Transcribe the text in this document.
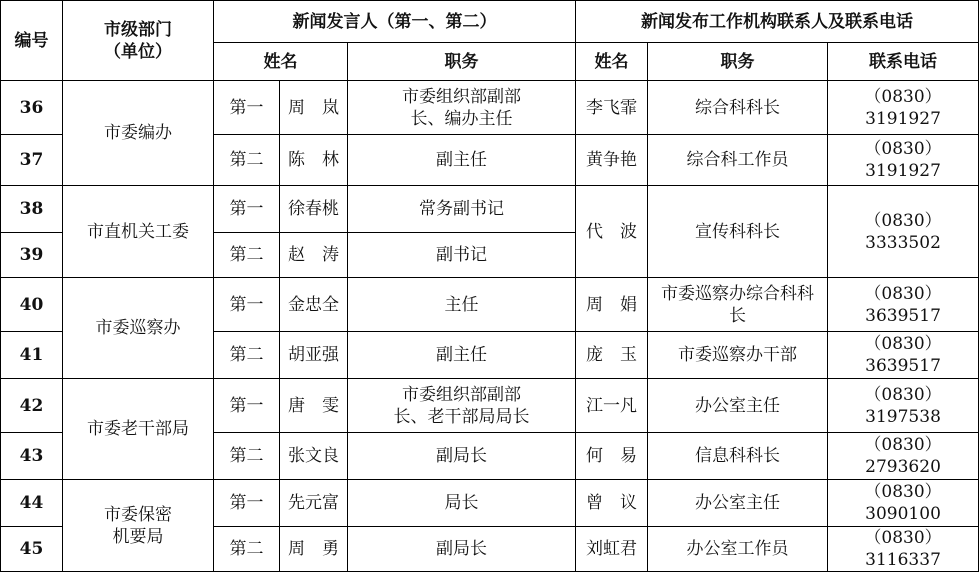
编号	市级部门（单位）	新闻发言人（第一、第二）			新闻发布工作机构联系人及联系电话		
		姓名		职务	姓名	职务	联系电话
36	市委编办	第一	周　岚	市委组织部副部长、编办主任	李飞霏	综合科科长	（0830）3191927
37		第二	陈　林	副主任	黄争艳	综合科工作员	（0830）3191927
38	市直机关工委	第一	徐春桃	常务副书记	代　波	宣传科科长	（0830）3333502
39		第二	赵　涛	副书记			
40	市委巡察办	第一	金忠全	主任	周　娟	市委巡察办综合科科长	（0830）3639517
41		第二	胡亚强	副主任	庞　玉	市委巡察办干部	（0830）3639517
42	市委老干部局	第一	唐　雯	市委组织部副部长、老干部局局长	江一凡	办公室主任	（0830）3197538
43		第二	张文良	副局长	何　易	信息科科长	（0830）2793620
44	市委保密机要局	第一	先元富	局长	曾　议	办公室主任	（0830）3090100
45		第二	周　勇	副局长	刘虹君	办公室工作员	（0830）3116337
